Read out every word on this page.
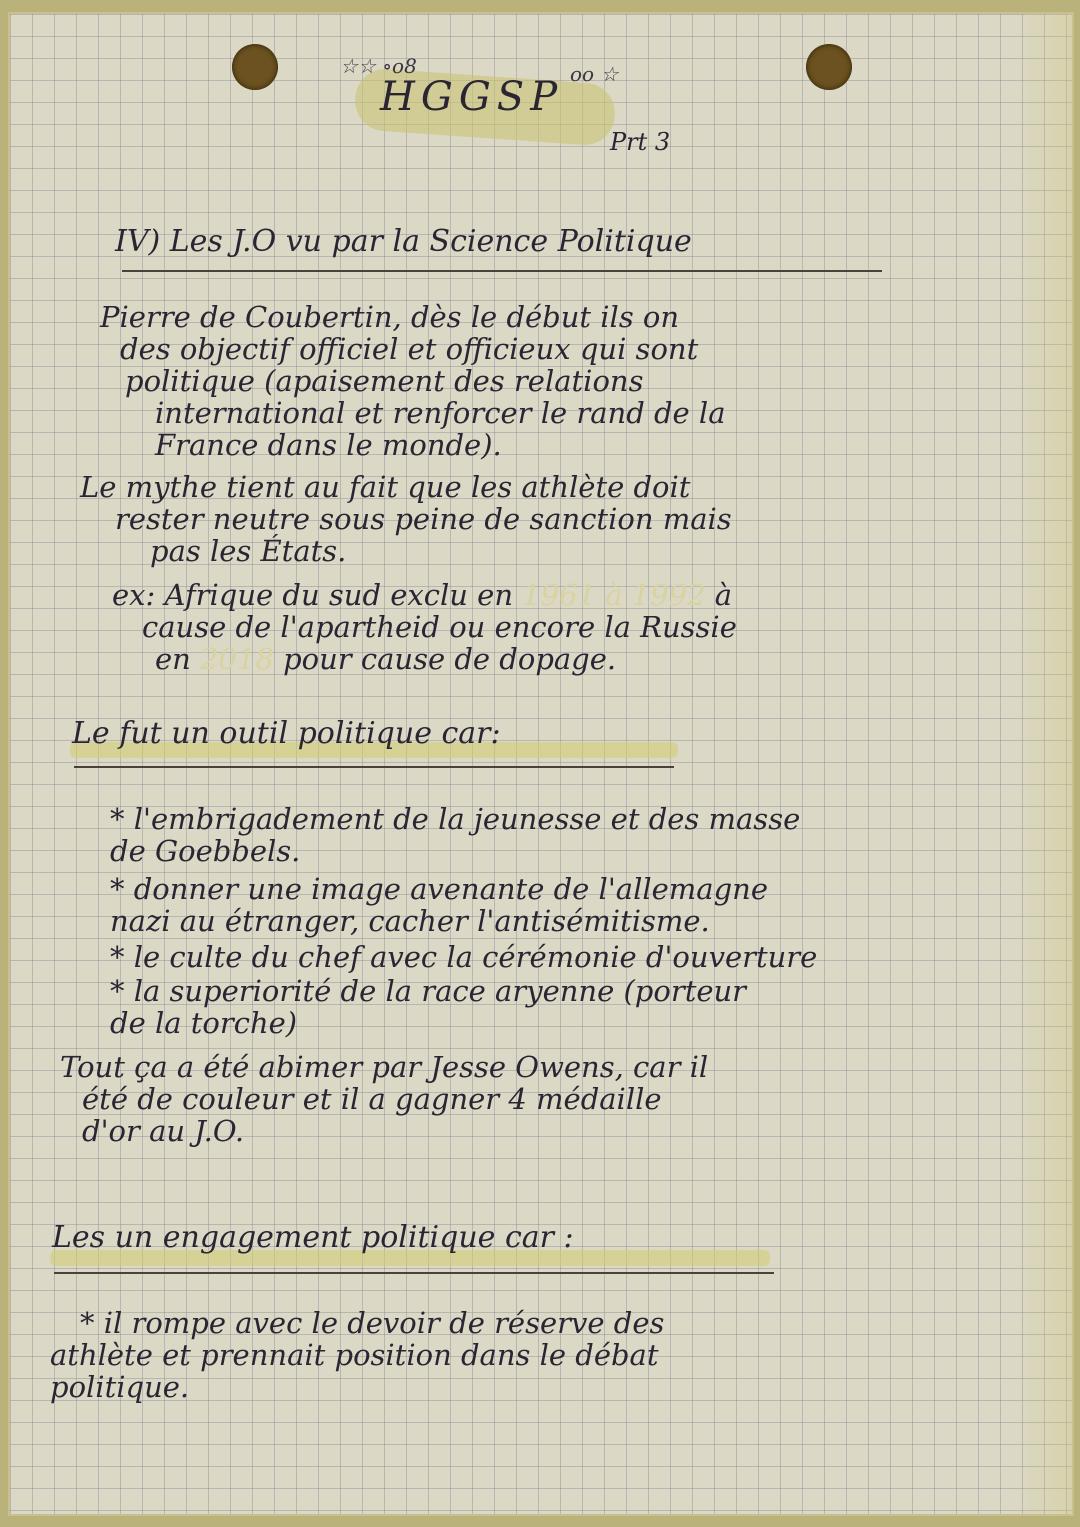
☆☆ ∘o8

HGGSP oo ☆

Prt 3

IV) Les J.O vu par la Science Politique

Pierre de Coubertin, dès le début ils on

des objectif officiel et officieux qui sont

politique (apaisement des relations

international et renforcer le rand de la

France dans le monde).

Le mythe tient au fait que les athlète doit

rester neutre sous peine de sanction mais

pas les États.

ex: Afrique du sud exclu en 1961 à 1992 à

cause de l'apartheid ou encore la Russie

en 2018 pour cause de dopage.

Le fut un outil politique car:

* l'embrigadement de la jeunesse et des masse

de Goebbels.

* donner une image avenante de l'allemagne

nazi au étranger, cacher l'antisémitisme.

* le culte du chef avec la cérémonie d'ouverture

* la superiorité de la race aryenne (porteur

de la torche)

Tout ça a été abimer par Jesse Owens, car il

été de couleur et il a gagner 4 médaille

d'or au J.O.

Les un engagement politique car :

* il rompe avec le devoir de réserve des

athlète et prennait position dans le débat

politique.
